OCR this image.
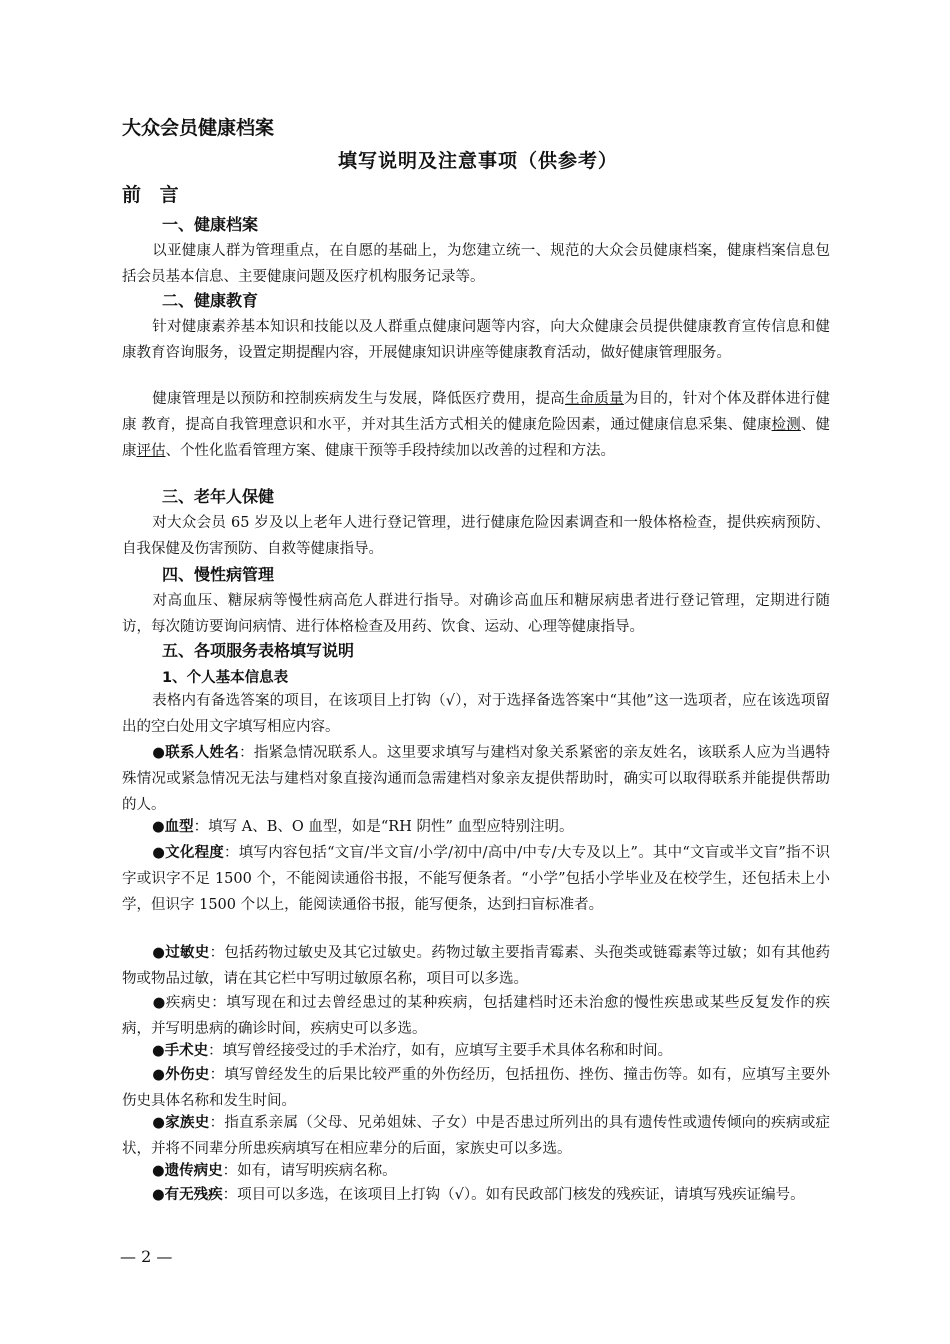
大众会员健康档案
填写说明及注意事项（供参考）
前 言
一、健康档案
以亚健康人群为管理重点，在自愿的基础上，为您建立统一、规范的大众会员健康档案，健康档案信息包括会员基本信息、主要健康问题及医疗机构服务记录等。
二、健康教育
针对健康素养基本知识和技能以及人群重点健康问题等内容，向大众健康会员提供健康教育宣传信息和健康教育咨询服务，设置定期提醒内容，开展健康知识讲座等健康教育活动，做好健康管理服务。
健康管理是以预防和控制疾病发生与发展，降低医疗费用，提高生命质量为目的，针对个体及群体进行健康 教育，提高自我管理意识和水平，并对其生活方式相关的健康危险因素，通过健康信息采集、健康检测、健康评估、个性化监看管理方案、健康干预等手段持续加以改善的过程和方法。
三、老年人保健
对大众会员 65 岁及以上老年人进行登记管理，进行健康危险因素调查和一般体格检查，提供疾病预防、自我保健及伤害预防、自救等健康指导。
四、慢性病管理
对高血压、糖尿病等慢性病高危人群进行指导。对确诊高血压和糖尿病患者进行登记管理，定期进行随访，每次随访要询问病情、进行体格检查及用药、饮食、运动、心理等健康指导。
五、各项服务表格填写说明
1、个人基本信息表
表格内有备选答案的项目，在该项目上打钩（√），对于选择备选答案中“其他”这一选项者，应在该选项留出的空白处用文字填写相应内容。
●联系人姓名：指紧急情况联系人。这里要求填写与建档对象关系紧密的亲友姓名，该联系人应为当遇特殊情况或紧急情况无法与建档对象直接沟通而急需建档对象亲友提供帮助时，确实可以取得联系并能提供帮助的人。
●血型：填写 A、B、O 血型，如是“RH 阴性” 血型应特别注明。
●文化程度：填写内容包括“文盲/半文盲/小学/初中/高中/中专/大专及以上”。其中“文盲或半文盲”指不识字或识字不足 1500 个，不能阅读通俗书报，不能写便条者。“小学”包括小学毕业及在校学生，还包括未上小学，但识字 1500 个以上，能阅读通俗书报，能写便条，达到扫盲标准者。
●过敏史：包括药物过敏史及其它过敏史。药物过敏主要指青霉素、头孢类或链霉素等过敏；如有其他药物或物品过敏，请在其它栏中写明过敏原名称，项目可以多选。
●疾病史：填写现在和过去曾经患过的某种疾病，包括建档时还未治愈的慢性疾患或某些反复发作的疾病，并写明患病的确诊时间，疾病史可以多选。
●手术史：填写曾经接受过的手术治疗，如有，应填写主要手术具体名称和时间。
●外伤史：填写曾经发生的后果比较严重的外伤经历，包括扭伤、挫伤、撞击伤等。如有，应填写主要外伤史具体名称和发生时间。
●家族史：指直系亲属（父母、兄弟姐妹、子女）中是否患过所列出的具有遗传性或遗传倾向的疾病或症状，并将不同辈分所患疾病填写在相应辈分的后面，家族史可以多选。
●遗传病史：如有，请写明疾病名称。
●有无残疾：项目可以多选，在该项目上打钩（√）。如有民政部门核发的残疾证，请填写残疾证编号。
— 2 —
